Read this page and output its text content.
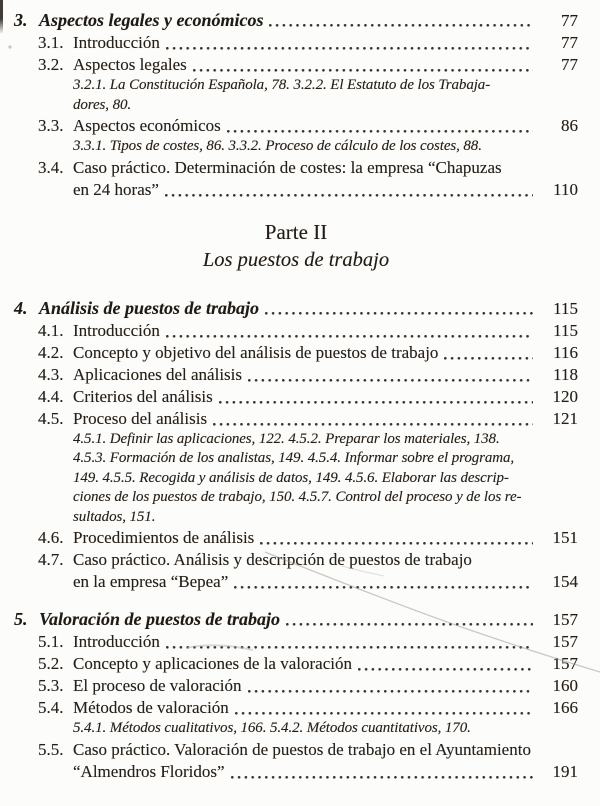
3. Aspectos legales y económicos	77
3.1. Introducción	77
3.2. Aspectos legales	77
3.2.1. La Constitución Española, 78. 3.2.2. El Estatuto de los Trabaja-
dores, 80.
3.3. Aspectos económicos	86
3.3.1. Tipos de costes, 86. 3.3.2. Proceso de cálculo de los costes, 88.
3.4. Caso práctico. Determinación de costes: la empresa “Chapuzas
en 24 horas”	110
Parte II
Los puestos de trabajo
4. Análisis de puestos de trabajo	115
4.1. Introducción	115
4.2. Concepto y objetivo del análisis de puestos de trabajo	116
4.3. Aplicaciones del análisis	118
4.4. Criterios del análisis	120
4.5. Proceso del análisis	121
4.5.1. Definir las aplicaciones, 122. 4.5.2. Preparar los materiales, 138.
4.5.3. Formación de los analistas, 149. 4.5.4. Informar sobre el programa,
149. 4.5.5. Recogida y análisis de datos, 149. 4.5.6. Elaborar las descrip-
ciones de los puestos de trabajo, 150. 4.5.7. Control del proceso y de los re-
sultados, 151.
4.6. Procedimientos de análisis	151
4.7. Caso práctico. Análisis y descripción de puestos de trabajo
en la empresa “Bepea”	154
5. Valoración de puestos de trabajo	157
5.1. Introducción	157
5.2. Concepto y aplicaciones de la valoración	157
5.3. El proceso de valoración	160
5.4. Métodos de valoración	166
5.4.1. Métodos cualitativos, 166. 5.4.2. Métodos cuantitativos, 170.
5.5. Caso práctico. Valoración de puestos de trabajo en el Ayuntamiento
“Almendros Floridos”	191
